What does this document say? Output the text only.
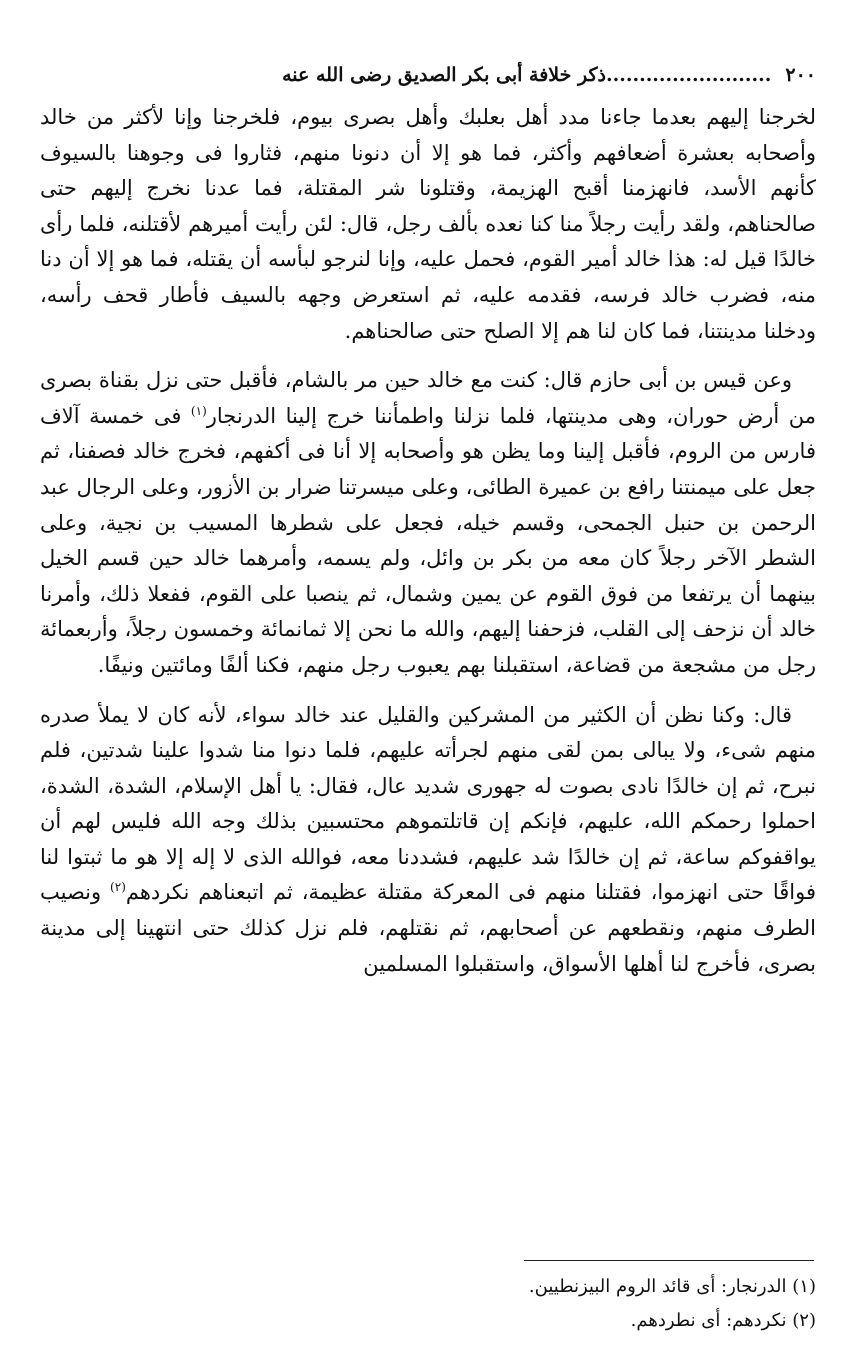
٢٠٠
.........................
ذكر خلافة أبى بكر الصديق رضى الله عنه

لخرجنا إليهم بعدما جاءنا مدد أهل بعلبك وأهل بصرى بيوم، فلخرجنا وإنا لأكثر من خالد وأصحابه بعشرة أضعافهم وأكثر، فما هو إلا أن دنونا منهم، فثاروا فى وجوهنا بالسيوف كأنهم الأسد، فانهزمنا أقبح الهزيمة، وقتلونا شر المقتلة، فما عدنا نخرج إليهم حتى صالحناهم، ولقد رأيت رجلاً منا كنا نعده بألف رجل، قال: لئن رأيت أميرهم لأقتلنه، فلما رأى خالدًا قيل له: هذا خالد أمير القوم، فحمل عليه، وإنا لنرجو لبأسه أن يقتله، فما هو إلا أن دنا منه، فضرب خالد فرسه، فقدمه عليه، ثم استعرض وجهه بالسيف فأطار قحف رأسه، ودخلنا مدينتنا، فما كان لنا هم إلا الصلح حتى صالحناهم.

وعن قيس بن أبى حازم قال: كنت مع خالد حين مر بالشام، فأقبل حتى نزل بقناة بصرى من أرض حوران، وهى مدينتها، فلما نزلنا واطمأننا خرج إلينا الدرنجار$^{(١)}$ فى خمسة آلاف فارس من الروم، فأقبل إلينا وما يظن هو وأصحابه إلا أنا فى أكفهم، فخرج خالد فصفنا، ثم جعل على ميمنتنا رافع بن عميرة الطائى، وعلى ميسرتنا ضرار بن الأزور، وعلى الرجال عبد الرحمن بن حنبل الجمحى، وقسم خيله، فجعل على شطرها المسيب بن نجية، وعلى الشطر الآخر رجلاً كان معه من بكر بن وائل، ولم يسمه، وأمرهما خالد حين قسم الخيل بينهما أن يرتفعا من فوق القوم عن يمين وشمال، ثم ينصبا على القوم، ففعلا ذلك، وأمرنا خالد أن نزحف إلى القلب، فزحفنا إليهم، والله ما نحن إلا ثمانمائة وخمسون رجلاً، وأربعمائة رجل من مشجعة من قضاعة، استقبلنا بهم يعبوب رجل منهم، فكنا ألفًا ومائتين ونيفًا.

قال: وكنا نظن أن الكثير من المشركين والقليل عند خالد سواء، لأنه كان لا يملأ صدره منهم شىء، ولا يبالى بمن لقى منهم لجرأته عليهم، فلما دنوا منا شدوا علينا شدتين، فلم نبرح، ثم إن خالدًا نادى بصوت له جهورى شديد عال، فقال: يا أهل الإسلام، الشدة، الشدة، احملوا رحمكم الله، عليهم، فإنكم إن قاتلتموهم محتسبين بذلك وجه الله فليس لهم أن يواقفوكم ساعة، ثم إن خالدًا شد عليهم، فشددنا معه، فوالله الذى لا إله إلا هو ما ثبتوا لنا فواقًا حتى انهزموا، فقتلنا منهم فى المعركة مقتلة عظيمة، ثم اتبعناهم نكردهم$^{(٢)}$ ونصيب الطرف منهم، ونقطعهم عن أصحابهم، ثم نقتلهم، فلم نزل كذلك حتى انتهينا إلى مدينة بصرى، فأخرج لنا أهلها الأسواق، واستقبلوا المسلمين

(١) الدرنجار: أى قائد الروم البيزنطيين.
(٢) نكردهم: أى نطردهم.
